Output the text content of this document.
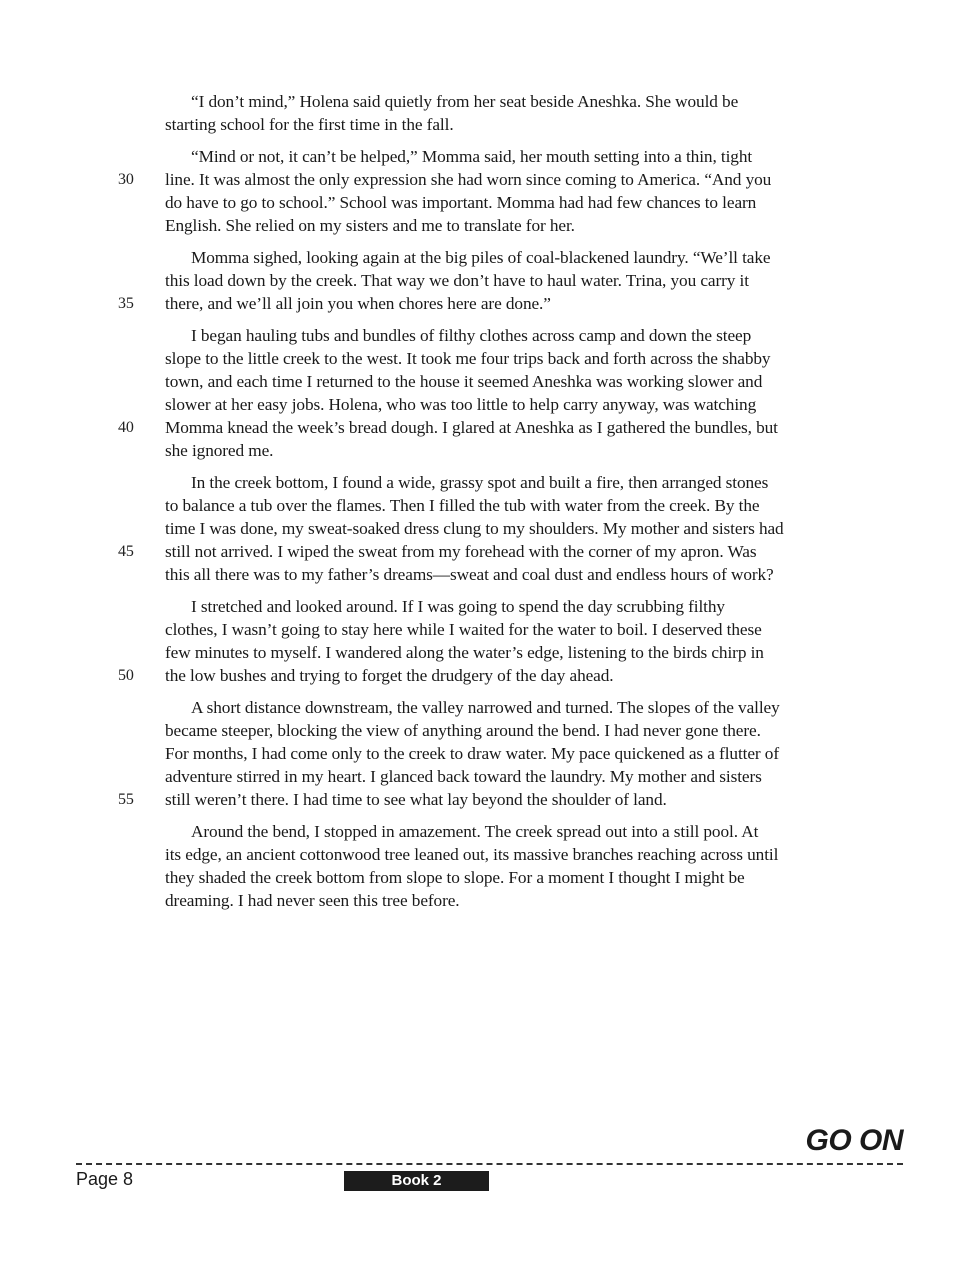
“I don’t mind,” Holena said quietly from her seat beside Aneshka. She would be
starting school for the first time in the fall.

“Mind or not, it can’t be helped,” Momma said, her mouth setting into a thin, tight
30	line. It was almost the only expression she had worn since coming to America. “And you
do have to go to school.” School was important. Momma had had few chances to learn
English. She relied on my sisters and me to translate for her.

Momma sighed, looking again at the big piles of coal-blackened laundry. “We’ll take
this load down by the creek. That way we don’t have to haul water. Trina, you carry it
35	there, and we’ll all join you when chores here are done.”

I began hauling tubs and bundles of filthy clothes across camp and down the steep
slope to the little creek to the west. It took me four trips back and forth across the shabby
town, and each time I returned to the house it seemed Aneshka was working slower and
slower at her easy jobs. Holena, who was too little to help carry anyway, was watching
40	Momma knead the week’s bread dough. I glared at Aneshka as I gathered the bundles, but
she ignored me.

In the creek bottom, I found a wide, grassy spot and built a fire, then arranged stones
to balance a tub over the flames. Then I filled the tub with water from the creek. By the
time I was done, my sweat-soaked dress clung to my shoulders. My mother and sisters had
45	still not arrived. I wiped the sweat from my forehead with the corner of my apron. Was
this all there was to my father’s dreams—sweat and coal dust and endless hours of work?

I stretched and looked around. If I was going to spend the day scrubbing filthy
clothes, I wasn’t going to stay here while I waited for the water to boil. I deserved these
few minutes to myself. I wandered along the water’s edge, listening to the birds chirp in
50	the low bushes and trying to forget the drudgery of the day ahead.

A short distance downstream, the valley narrowed and turned. The slopes of the valley
became steeper, blocking the view of anything around the bend. I had never gone there.
For months, I had come only to the creek to draw water. My pace quickened as a flutter of
adventure stirred in my heart. I glanced back toward the laundry. My mother and sisters
55	still weren’t there. I had time to see what lay beyond the shoulder of land.

Around the bend, I stopped in amazement. The creek spread out into a still pool. At
its edge, an ancient cottonwood tree leaned out, its massive branches reaching across until
they shaded the creek bottom from slope to slope. For a moment I thought I might be
dreaming. I had never seen this tree before.

GO ON
Page 8	Book 2
